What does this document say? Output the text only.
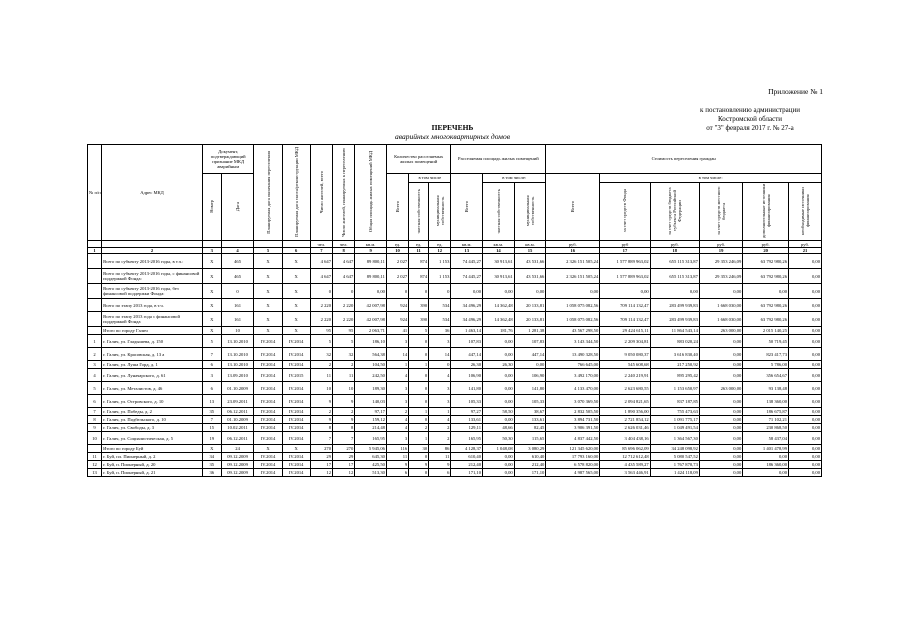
Приложение № 1
к постановлению администрации
Костромской области
от "3" февраля 2017 г. № 27-а
ПЕРЕЧЕНЬ
аварийных многоквартирных домов
№ п/п	Адрес МКД	Документ, подтверждающий признание МКД аварийным		Планируемая дата окончания переселения	Планируемая дата сноса/реконструкции МКД	Число жителей, всего	Число жителей, планируемых к переселению	Общая площадь жилых помещений МКД	Количество расселяемых жилых помещений			Расселяемая площадь жилых помещений			Стоимость переселения граждан					
		Номер	Дата						Всего	в том числе		Всего	в том числе:		Всего	в том числе:				
										частная собственность	муниципальная собственность		частная собственность	муниципальная собственность		за счет средств Фонда	за счет средств бюджета субъекта Российской Федерации	за счет средств местного бюджета	дополнительные источники финансирования	необходимые источники финансирования
						чел.	чел.	кв.м.	ед.	ед.	ед.	кв.м.	кв.м.	кв.м.	руб.	руб	руб.	руб.	руб.	руб.
1	2	3	4	5	6	7	8	9	10	11	12	13	14	15	16	17	18	19	20	21
	Всего по субъекту 2013-2016 годы, в т.ч.:	X	465	X	X	4 647	4 647	89 800,11	2 027	874	1 153	74 445,27	30 913,61	43 531,66	2 326 151 505,24	1 577 889 963,02	655 115 313,87	29 353 246,09	63 792 980,26	0,00
	Всего по субъекту 2013-2016 годы, с финансовой поддержкой Фонда:	X	465	X	X	4 647	4 647	89 800,11	2 027	874	1 153	74 445,27	30 913,61	43 531,66	2 326 151 505,24	1 577 889 963,02	655 115 313,87	29 353 246,09	63 792 980,26	0,00
	Всего по субъекту 2013-2016 годы, без финансовой поддержки Фонда:	X	0	X	X	0	0	0,00	0	0	0	0,00	0,00	0,00	0,00	0,00	0,00	0,00	0,00	0,00
	Всего по этапу 2013 года, в т.ч.	X	161	X	X	2 220	2 220	42 007,98	924	390	534	34 496,29	14 362,48	20 133,81	1 058 075 082,56	709 114 132,47	283 499 939,83	1 668 030,00	63 792 980,26	0,00
	Всего по этапу 2013 года с финансовой поддержкой Фонда	X	161	X	X	2 220	2 220	42 007,98	924	390	534	34 496,29	14 362,48	20 133,81	1 058 075 082,56	709 114 132,47	283 499 939,83	1 668 030,00	63 792 980,26	0,00
	Итого по городу Галич	X	10	X	X	95	95	2 063,71	41	5	36	1 463,14	181,76	1 281,38	43 567 298,50	29 424 615,11	11 864 543,14	263 000,00	2 015 140,25	0,00
1	г. Галич, ул. Гладышева, д. 150	5	13.10.2010	IV.2014	IV.2014	5	5	186,10	3	0	3	107,83	0,00	107,83	3 143 344,50	2 209 304,81	883 020,24	0,00	50 719,45	0,00
2	г. Галич, ул. Красовская, д. 13 а	7	13.10.2010	IV.2014	IV.2014	32	32	564,38	14	0	14	447,14	0,00	447,14	13 490 328,50	9 050 080,37	3 616 830,40	0,00	823 417,73	0,00
3	г. Галич, ул. Луша Горд, д. 1	6	13.10.2010	IV.2014	IV.2014	2	2	104,50	1	1	0	26,30	26,30	0,00	766 645,00	545 608,68	217 250,92	0,00	5 786,00	0,00
4	г. Галич, ул. Луначарского, д. 61	3	13.09.2010	IV.2014	IV.2015	11	11	242,50	4	0	4	106,90	0,00	106,90	3 492 170,00	2 240 219,91	895 295,42	0,00	356 654,67	0,00
5	г. Галич, ул. Металистов, д. 46	6	01.10.2009	IV.2014	IV.2014	10	10	189,30	3	0	3	141,80	0,00	141,80	4 133 470,00	2 623 680,55	1 153 650,97	263 000,00	93 138,48	0,00
6	г. Галич, ул. Островского, д. 10	13	23.09.2011	IV.2014	IV.2014	9	9	140,03	3	0	3	105,33	0,00	105,33	3 070 369,50	2 094 821,65	837 187,85	0,00	138 360,00	0,00
7	г. Галич, ул. Победы, д. 2	35	06.12.2011	IV.2014	IV.2014	2	2	97,17	2	1	1	97,27	58,50	38,67	2 832 505,50	1 890 356,00	755 473,63	0,00	186 675,87	0,00
8	г. Галич, ул. Подбельского, д. 10	7	01.10.2009	IV.2014	IV.2014	9	9	159,12	4	0	4	133,61	0,00	133,61	3 894 731,50	2 721 854,12	1 091 775,17	0,00	71 102,21	0,00
9	г. Галич, ул. Свободы, д. 3	15	10.02.2011	IV.2014	IV.2014	8	8	214,48	4	2	2	129,11	48,66	82,45	3 906 391,50	2 626 031,46	1 049 491,54	0,00	230 868,50	0,00
10	г. Галич, ул. Социалистическая, д. 5	19	06.12.2011	IV.2014	IV.2014	7	7	165,95	3	1	2	165,95	50,30	115,65	4 837 442,50	3 404 438,16	1 364 567,30	0,00	58 437,04	0,00
	Итого по городу Буй	X	24	X	X	270	270	5 945,06	116	30	86	4 128,37	1 048,08	3 080,29	121 345 620,00	85 696 062,09	34 248 098,92	0,00	1 401 478,99	0,00
11	г. Буй, пл. Пионерный, д. 2	34	09.12.2009	IV.2014	IV.2014	29	29	645,30	11	0	11	610,40	0,00	610,40	17 793 160,00	12 712 612,48	5 080 547,52	0,00	0,00	0,00
12	г. Буй, п. Пионерный, д. 20	35	09.12.2009	IV.2014	IV.2014	17	17	425,50	9	9	9	212,40	0,00	212,40	6 578 820,00	4 435 589,27	1 767 870,73	0,00	186 360,00	0,00
13	г. Буй, п. Пионерный, д. 21	36	09.12.2009	IV.2014	IV.2014	12	12	513,30	6	0	6	171,10	0,00	171,10	4 987 565,00	3 563 446,91	1 424 118,09	0,00	0,00	0,00
